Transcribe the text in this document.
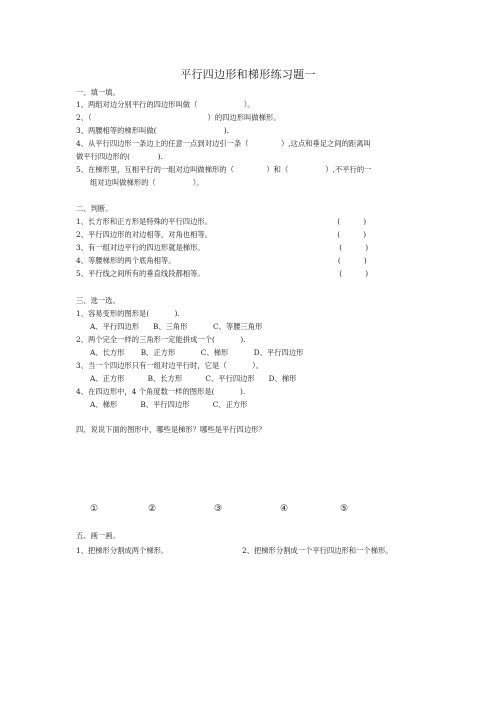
平行四边形和梯形练习题一
一、填一填。
1、两组对边分别平行的四边形叫做（                    ）。
2、（                                                  ）的四边形叫做梯形。
3、两腰相等的梯形叫做(                             ).
4、从平行四边形一条边上的任意一点到对边引一条（              ）,这点和垂足之间的距离叫
做平行四边形的(            ).
5、在梯形里，互相平行的一组对边叫做梯形的（              ）和（                ）,不平行的一
组对边叫做梯形的（                ）。
二、判断。
1、长方形和正方形是特殊的平行四边形。                                                      (          )
2、平行四边形的对边相等，对角也相等。                                                      (          )
3、有一组对边平行的四边形就是梯形。                                                          (          )
4、等腰梯形的两个底角相等。                                                                      (          )
5、平行线之间所有的垂直线段都相等。                                                          (          )
三、选一选。
1、容易变形的图形是(           ).
A、平行四边形      B、三角形           C、等腰三角形
2、两个完全一样的三角形一定能拼成一个(           ).
A、长方形       B、正方形           C、梯形           D、平行四边形
3、当一个四边形只有一组对边平行时，它是（           ）。
A、正方形          B、长方形          C、平行四边形      D、梯形
4、在四边形中，4 个角度数一样的图形是(           ).
A、梯形          B、平行四边形          C、正方形
四、说说下面的图形中，哪些是梯形？哪些是平行四边形？
①	②	③	④	⑤
五、画一画。

1、把梯形分割成两个梯形。

	2、把梯形分割成一个平行四边形和一个梯形。
